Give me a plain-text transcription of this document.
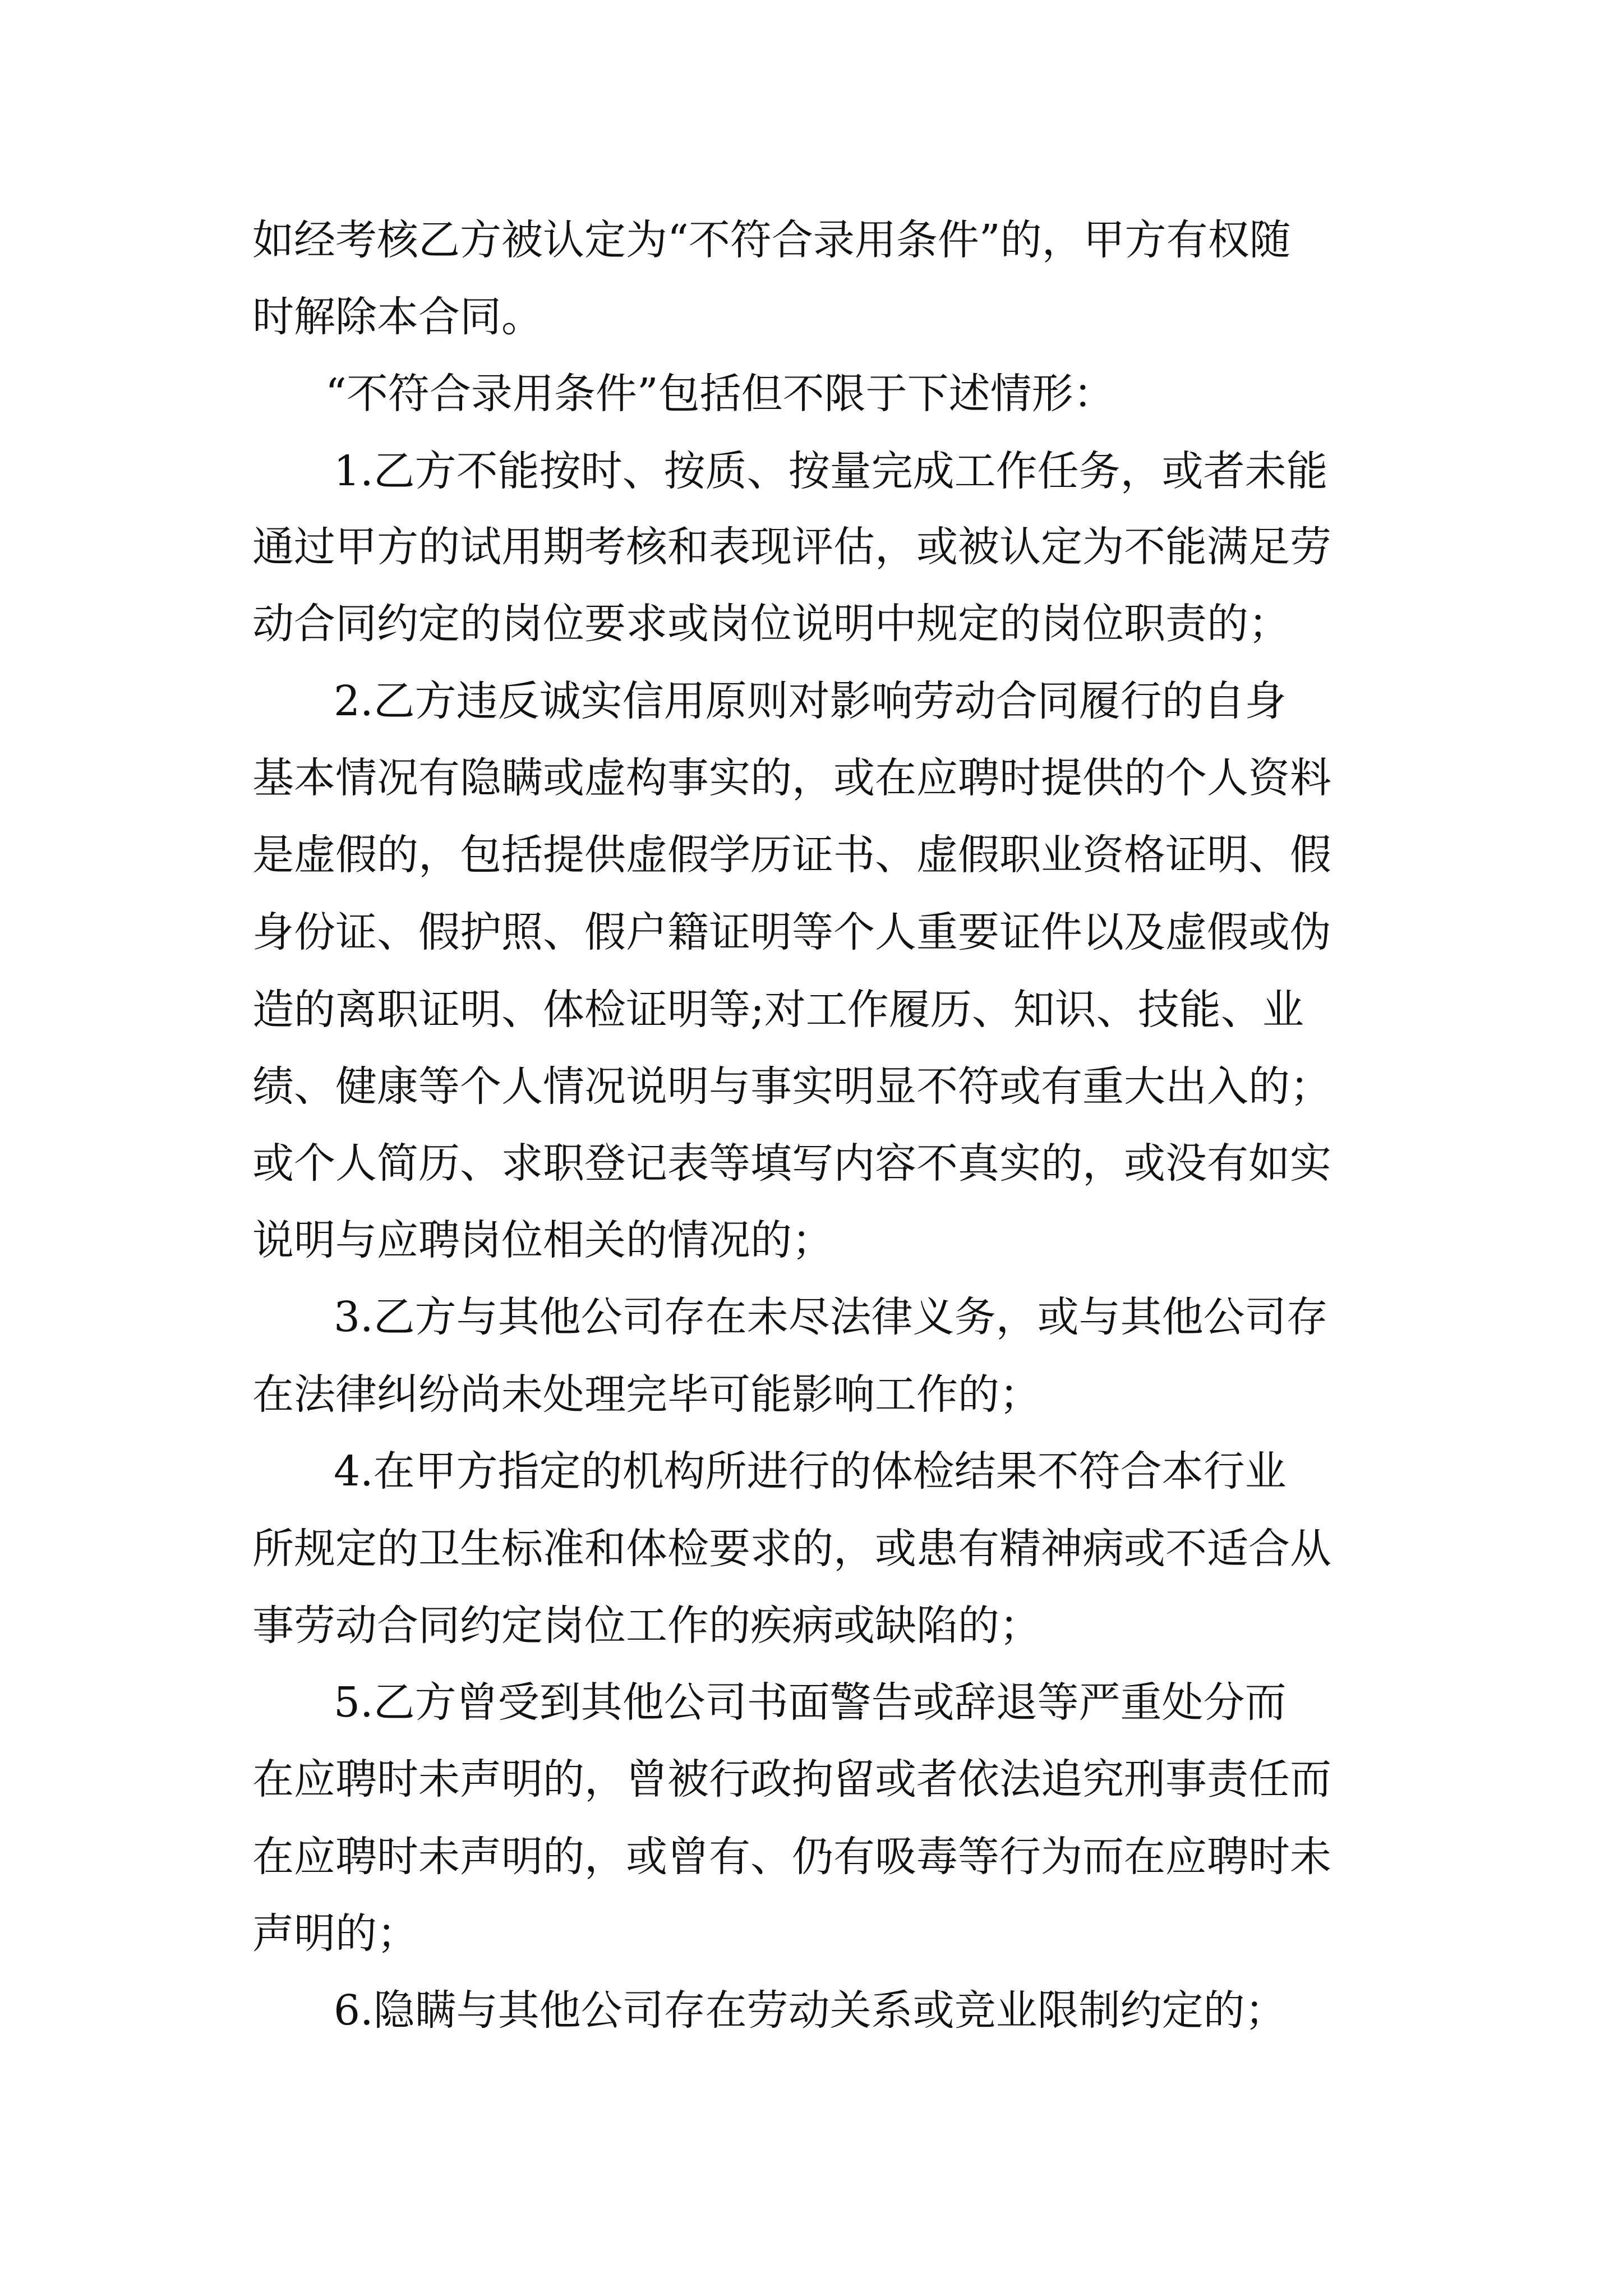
如经考核乙方被认定为“不符合录用条件”的，甲方有权随
时解除本合同。
“不符合录用条件”包括但不限于下述情形：
1.乙方不能按时、按质、按量完成工作任务，或者未能
通过甲方的试用期考核和表现评估，或被认定为不能满足劳
动合同约定的岗位要求或岗位说明中规定的岗位职责的；
2.乙方违反诚实信用原则对影响劳动合同履行的自身
基本情况有隐瞒或虚构事实的，或在应聘时提供的个人资料
是虚假的，包括提供虚假学历证书、虚假职业资格证明、假
身份证、假护照、假户籍证明等个人重要证件以及虚假或伪
造的离职证明、体检证明等;对工作履历、知识、技能、业
绩、健康等个人情况说明与事实明显不符或有重大出入的；
或个人简历、求职登记表等填写内容不真实的，或没有如实
说明与应聘岗位相关的情况的；
3.乙方与其他公司存在未尽法律义务，或与其他公司存
在法律纠纷尚未处理完毕可能影响工作的；
4.在甲方指定的机构所进行的体检结果不符合本行业
所规定的卫生标准和体检要求的，或患有精神病或不适合从
事劳动合同约定岗位工作的疾病或缺陷的；
5.乙方曾受到其他公司书面警告或辞退等严重处分而
在应聘时未声明的，曾被行政拘留或者依法追究刑事责任而
在应聘时未声明的，或曾有、仍有吸毒等行为而在应聘时未
声明的；
6.隐瞒与其他公司存在劳动关系或竞业限制约定的；
